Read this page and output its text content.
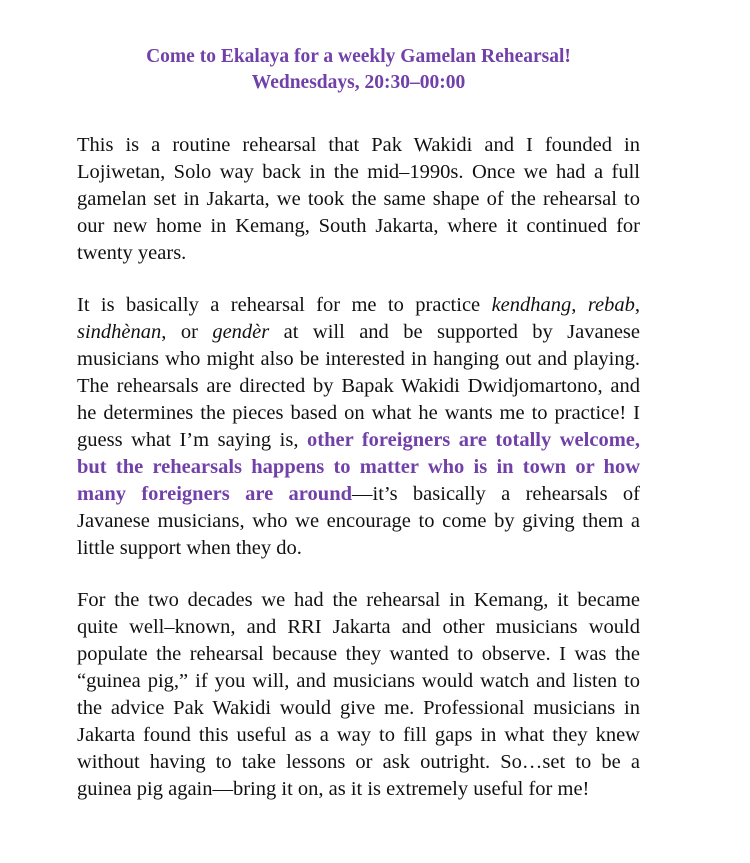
Come to Ekalaya for a weekly Gamelan Rehearsal!
Wednesdays, 20:30–00:00

This is a routine rehearsal that Pak Wakidi and I founded in Lojiwetan, Solo way back in the mid–1990s. Once we had a full gamelan set in Jakarta, we took the same shape of the rehearsal to our new home in Kemang, South Jakarta, where it continued for twenty years.

It is basically a rehearsal for me to practice kendhang, rebab, sindhènan, or gendèr at will and be supported by Javanese musicians who might also be interested in hanging out and playing. The rehearsals are directed by Bapak Wakidi Dwidjomartono, and he determines the pieces based on what he wants me to practice! I guess what I’m saying is, other foreigners are totally welcome, but the rehearsals happens to matter who is in town or how many foreigners are around—it’s basically a rehearsals of Javanese musicians, who we encourage to come by giving them a little support when they do.

For the two decades we had the rehearsal in Kemang, it became quite well–known, and RRI Jakarta and other musicians would populate the rehearsal because they wanted to observe. I was the “guinea pig,” if you will, and musicians would watch and listen to the advice Pak Wakidi would give me. Professional musicians in Jakarta found this useful as a way to fill gaps in what they knew without having to take lessons or ask outright. So…set to be a guinea pig again—bring it on, as it is extremely useful for me!
